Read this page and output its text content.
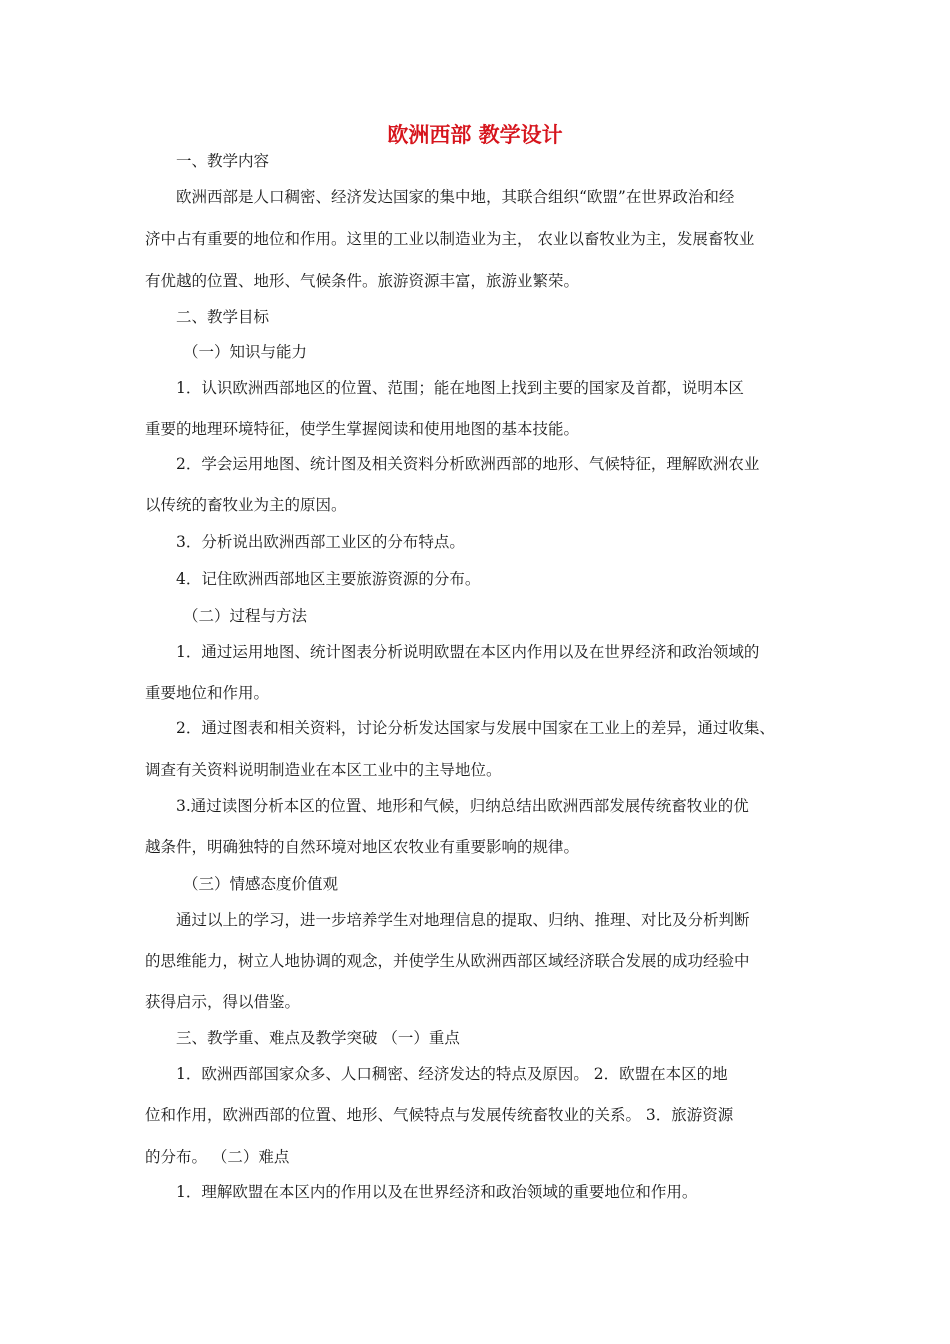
欧洲西部 教学设计
一、教学内容
欧洲西部是人口稠密、经济发达国家的集中地，其联合组织“欧盟”在世界政治和经
济中占有重要的地位和作用。这里的工业以制造业为主， 农业以畜牧业为主，发展畜牧业
有优越的位置、地形、气候条件。旅游资源丰富，旅游业繁荣。
二、教学目标
（一）知识与能力
1．认识欧洲西部地区的位置、范围；能在地图上找到主要的国家及首都，说明本区
重要的地理环境特征，使学生掌握阅读和使用地图的基本技能。
2．学会运用地图、统计图及相关资料分析欧洲西部的地形、气候特征，理解欧洲农业
以传统的畜牧业为主的原因。
3．分析说出欧洲西部工业区的分布特点。
4．记住欧洲西部地区主要旅游资源的分布。
（二）过程与方法
1．通过运用地图、统计图表分析说明欧盟在本区内作用以及在世界经济和政治领域的
重要地位和作用。
2．通过图表和相关资料，讨论分析发达国家与发展中国家在工业上的差异，通过收集、
调查有关资料说明制造业在本区工业中的主导地位。
3.通过读图分析本区的位置、地形和气候，归纳总结出欧洲西部发展传统畜牧业的优
越条件，明确独特的自然环境对地区农牧业有重要影响的规律。
（三）情感态度价值观
通过以上的学习，进一步培养学生对地理信息的提取、归纳、推理、对比及分析判断
的思维能力，树立人地协调的观念，并使学生从欧洲西部区域经济联合发展的成功经验中
获得启示，得以借鉴。
三、教学重、难点及教学突破 （一）重点
1．欧洲西部国家众多、人口稠密、经济发达的特点及原因。 2．欧盟在本区的地
位和作用，欧洲西部的位置、地形、气候特点与发展传统畜牧业的关系。 3．旅游资源
的分布。 （二）难点
1．理解欧盟在本区内的作用以及在世界经济和政治领域的重要地位和作用。
